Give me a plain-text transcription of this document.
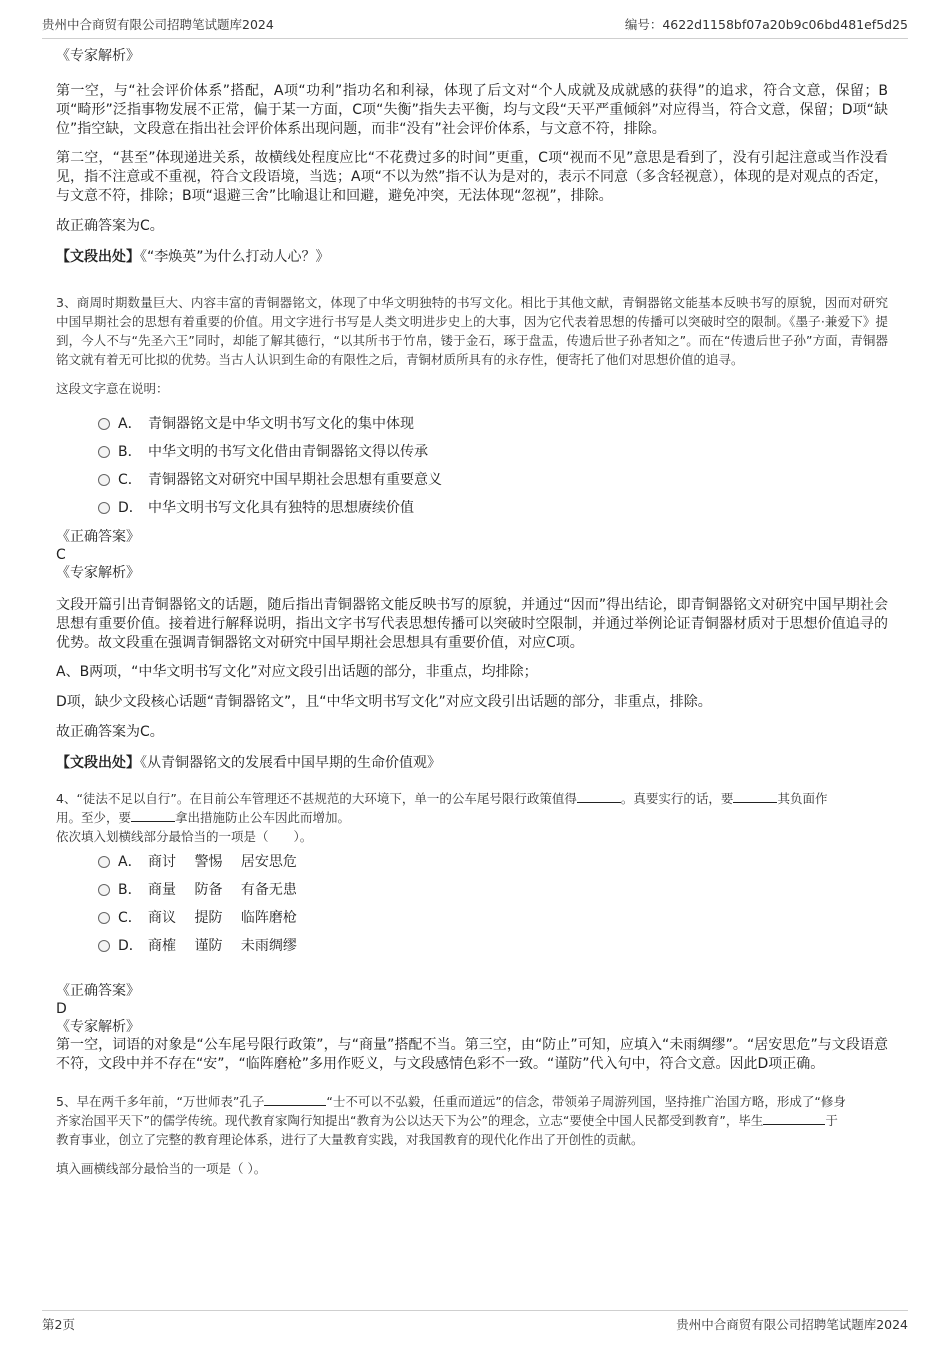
贵州中合商贸有限公司招聘笔试题库2024	编号：4622d1158bf07a20b9c06bd481ef5d25

《专家解析》

第一空，与“社会评价体系”搭配，A项“功利”指功名和利禄，体现了后文对“个人成就及成就感的获得”的追求，符合文意，保留；B项“畸形”泛指事物发展不正常，偏于某一方面，C项“失衡”指失去平衡，均与文段“天平严重倾斜”对应得当，符合文意，保留；D项“缺位”指空缺，文段意在指出社会评价体系出现问题，而非“没有”社会评价体系，与文意不符，排除。

第二空，“甚至”体现递进关系，故横线处程度应比“不花费过多的时间”更重，C项“视而不见”意思是看到了，没有引起注意或当作没看见，指不注意或不重视，符合文段语境，当选；A项“不以为然”指不认为是对的，表示不同意（多含轻视意），体现的是对观点的否定，与文意不符，排除；B项“退避三舍”比喻退让和回避，避免冲突，无法体现“忽视”，排除。

故正确答案为C。

【文段出处】《“李焕英”为什么打动人心？》

3、商周时期数量巨大、内容丰富的青铜器铭文，体现了中华文明独特的书写文化。相比于其他文献，青铜器铭文能基本反映书写的原貌，因而对研究中国早期社会的思想有着重要的价值。用文字进行书写是人类文明进步史上的大事，因为它代表着思想的传播可以突破时空的限制。《墨子·兼爱下》提到，今人不与“先圣六王”同时，却能了解其德行，“以其所书于竹帛，镂于金石，琢于盘盂，传遗后世子孙者知之”。而在“传遗后世子孙”方面，青铜器铭文就有着无可比拟的优势。当古人认识到生命的有限性之后，青铜材质所具有的永存性，便寄托了他们对思想价值的追寻。

这段文字意在说明：

A． 青铜器铭文是中华文明书写文化的集中体现
B． 中华文明的书写文化借由青铜器铭文得以传承
C． 青铜器铭文对研究中国早期社会思想有重要意义
D． 中华文明书写文化具有独特的思想赓续价值

《正确答案》

C

《专家解析》

文段开篇引出青铜器铭文的话题，随后指出青铜器铭文能反映书写的原貌，并通过“因而”得出结论，即青铜器铭文对研究中国早期社会思想有重要价值。接着进行解释说明，指出文字书写代表思想传播可以突破时空限制，并通过举例论证青铜器材质对于思想价值追寻的优势。故文段重在强调青铜器铭文对研究中国早期社会思想具有重要价值，对应C项。

A、B两项，“中华文明书写文化”对应文段引出话题的部分，非重点，均排除；

D项，缺少文段核心话题“青铜器铭文”，且“中华文明书写文化”对应文段引出话题的部分，非重点，排除。

故正确答案为C。

【文段出处】《从青铜器铭文的发展看中国早期的生命价值观》

4、“徒法不足以自行”。在目前公车管理还不甚规范的大环境下，单一的公车尾号限行政策值得	。真要实行的话，要	其负面作

用。至少，要	拿出措施防止公车因此而增加。

依次填入划横线部分最恰当的一项是（　　）。

A． 商讨　 警惕　 居安思危
B． 商量　 防备　 有备无患
C． 商议　 提防　 临阵磨枪
D． 商榷　 谨防　 未雨绸缪

《正确答案》

D

《专家解析》

第一空，词语的对象是“公车尾号限行政策”，与“商量”搭配不当。第三空，由“防止”可知，应填入“未雨绸缪”。“居安思危”与文段语意不符，文段中并不存在“安”，“临阵磨枪”多用作贬义，与文段感情色彩不一致。“谨防”代入句中，符合文意。因此D项正确。

5、早在两千多年前，“万世师表”孔子	“士不可以不弘毅，任重而道远”的信念，带领弟子周游列国，坚持推广治国方略，形成了“修身

齐家治国平天下”的儒学传统。现代教育家陶行知提出“教育为公以达天下为公”的理念，立志“要使全中国人民都受到教育”，毕生	于

教育事业，创立了完整的教育理论体系，进行了大量教育实践，对我国教育的现代化作出了开创性的贡献。

填入画横线部分最恰当的一项是（ ）。

第2页	贵州中合商贸有限公司招聘笔试题库2024
